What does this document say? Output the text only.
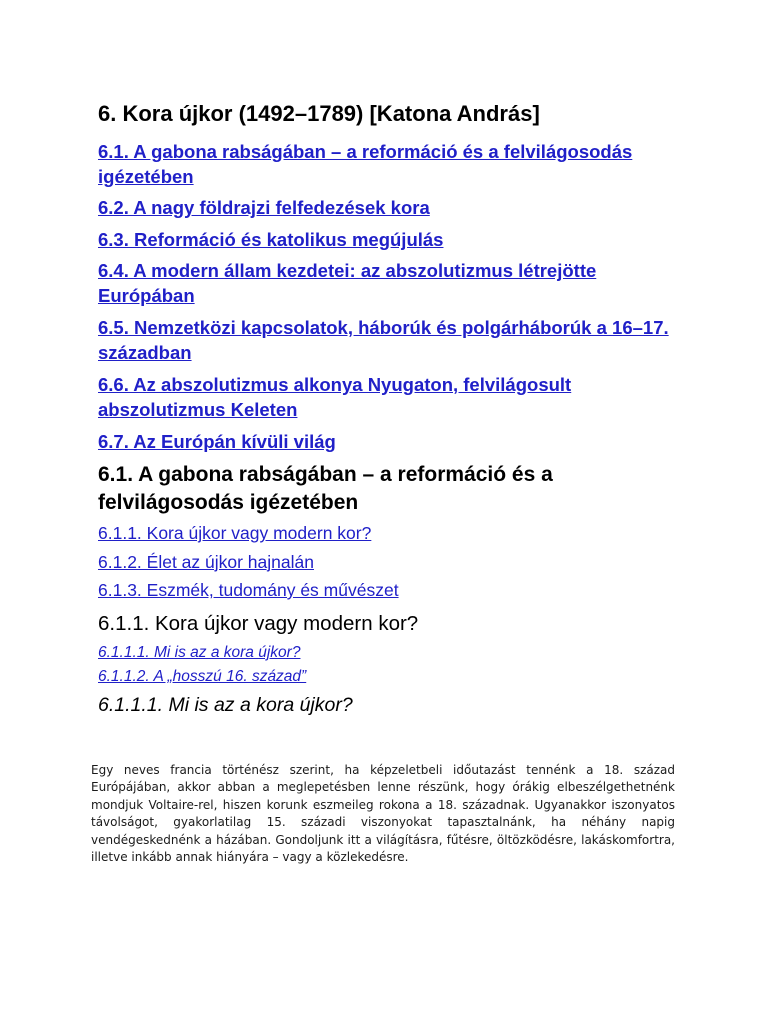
6. Kora újkor (1492–1789) [Katona András]
6.1. A gabona rabságában – a reformáció és a felvilágosodás igézetében
6.2. A nagy földrajzi felfedezések kora
6.3. Reformáció és katolikus megújulás
6.4. A modern állam kezdetei: az abszolutizmus létrejötte Európában
6.5. Nemzetközi kapcsolatok, háborúk és polgárháborúk a 16–17. században
6.6. Az abszolutizmus alkonya Nyugaton, felvilágosult abszolutizmus Keleten
6.7. Az Európán kívüli világ
6.1. A gabona rabságában – a reformáció és a felvilágosodás igézetében
6.1.1. Kora újkor vagy modern kor?
6.1.2. Élet az újkor hajnalán
6.1.3. Eszmék, tudomány és művészet
6.1.1. Kora újkor vagy modern kor?
6.1.1.1. Mi is az a kora újkor?
6.1.1.2. A „hosszú 16. század”
6.1.1.1. Mi is az a kora újkor?

Egy neves francia történész szerint, ha képzeletbeli időutazást tennénk a 18. század Európájában, akkor abban a meglepetésben lenne részünk, hogy órákig elbeszélgethetnénk mondjuk Voltaire-rel, hiszen korunk eszmeileg rokona a 18. századnak. Ugyanakkor iszonyatos távolságot, gyakorlatilag 15. századi viszonyokat tapasztalnánk, ha néhány napig vendégeskednénk a házában. Gondoljunk itt a világításra, fűtésre, öltözködésre, lakáskomfortra, illetve inkább annak hiányára – vagy a közlekedésre.
